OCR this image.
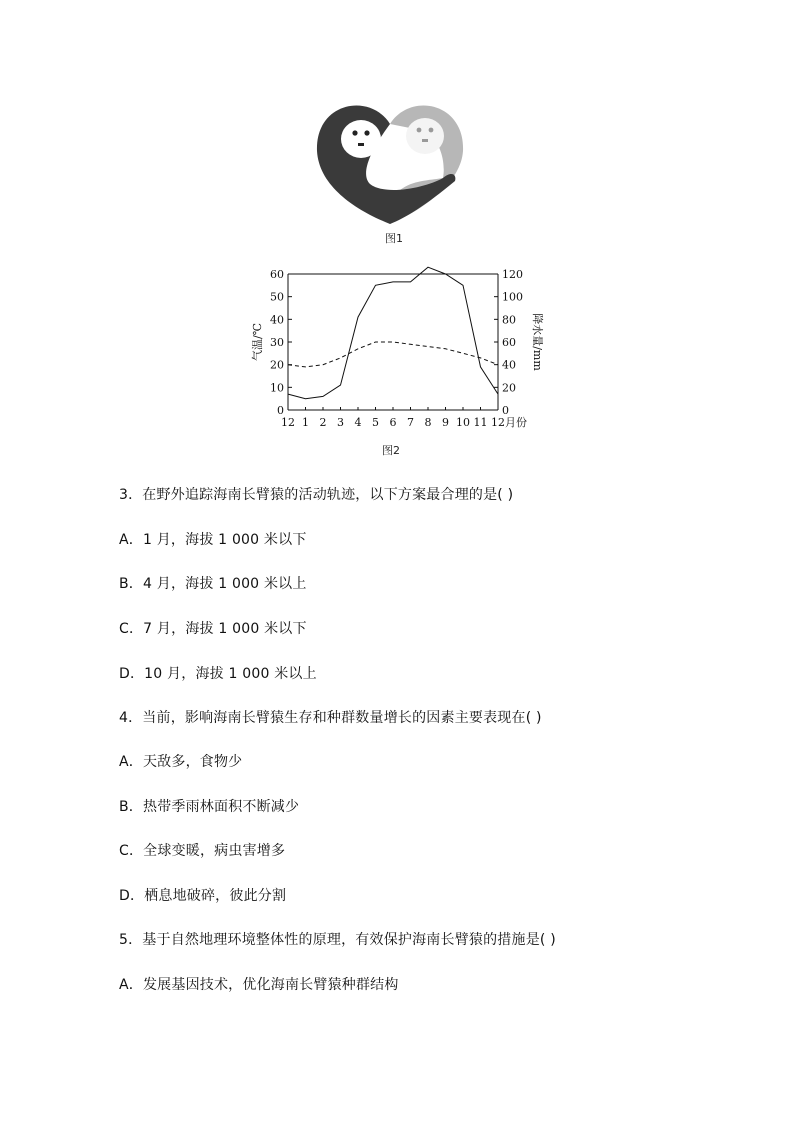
图1
0
10
20
30
40
50
60
0
20
40
60
80
100
120
12 1 2 3 4 5 6 7 8 9 10 11 12 月份
气温/℃	降水量/mm
图2
3．在野外追踪海南长臂猿的活动轨迹，以下方案最合理的是( )
A．1 月，海拔 1 000 米以下
B．4 月，海拔 1 000 米以上
C．7 月，海拔 1 000 米以下
D．10 月，海拔 1 000 米以上
4．当前，影响海南长臂猿生存和种群数量增长的因素主要表现在( )
A．天敌多，食物少
B．热带季雨林面积不断减少
C．全球变暖，病虫害增多
D．栖息地破碎，彼此分割
5．基于自然地理环境整体性的原理，有效保护海南长臂猿的措施是( )
A．发展基因技术，优化海南长臂猿种群结构
